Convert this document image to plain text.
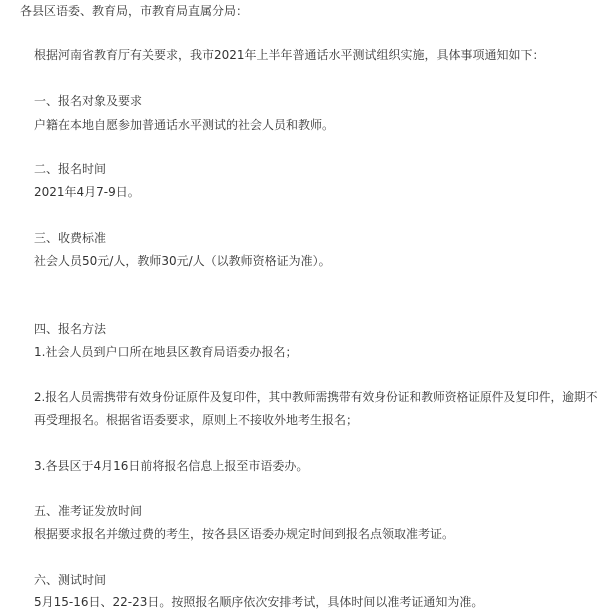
各县区语委、教育局，市教育局直属分局：
根据河南省教育厅有关要求，我市2021年上半年普通话水平测试组织实施，具体事项通知如下：
一、报名对象及要求
户籍在本地自愿参加普通话水平测试的社会人员和教师。
二、报名时间
2021年4月7-9日。
三、收费标准
社会人员50元/人，教师30元/人（以教师资格证为准）。
四、报名方法
1.社会人员到户口所在地县区教育局语委办报名；
2.报名人员需携带有效身份证原件及复印件，其中教师需携带有效身份证和教师资格证原件及复印件，逾期不
再受理报名。根据省语委要求，原则上不接收外地考生报名；
3.各县区于4月16日前将报名信息上报至市语委办。
五、准考证发放时间
根据要求报名并缴过费的考生，按各县区语委办规定时间到报名点领取准考证。
六、测试时间
5月15-16日、22-23日。按照报名顺序依次安排考试，具体时间以准考证通知为准。
